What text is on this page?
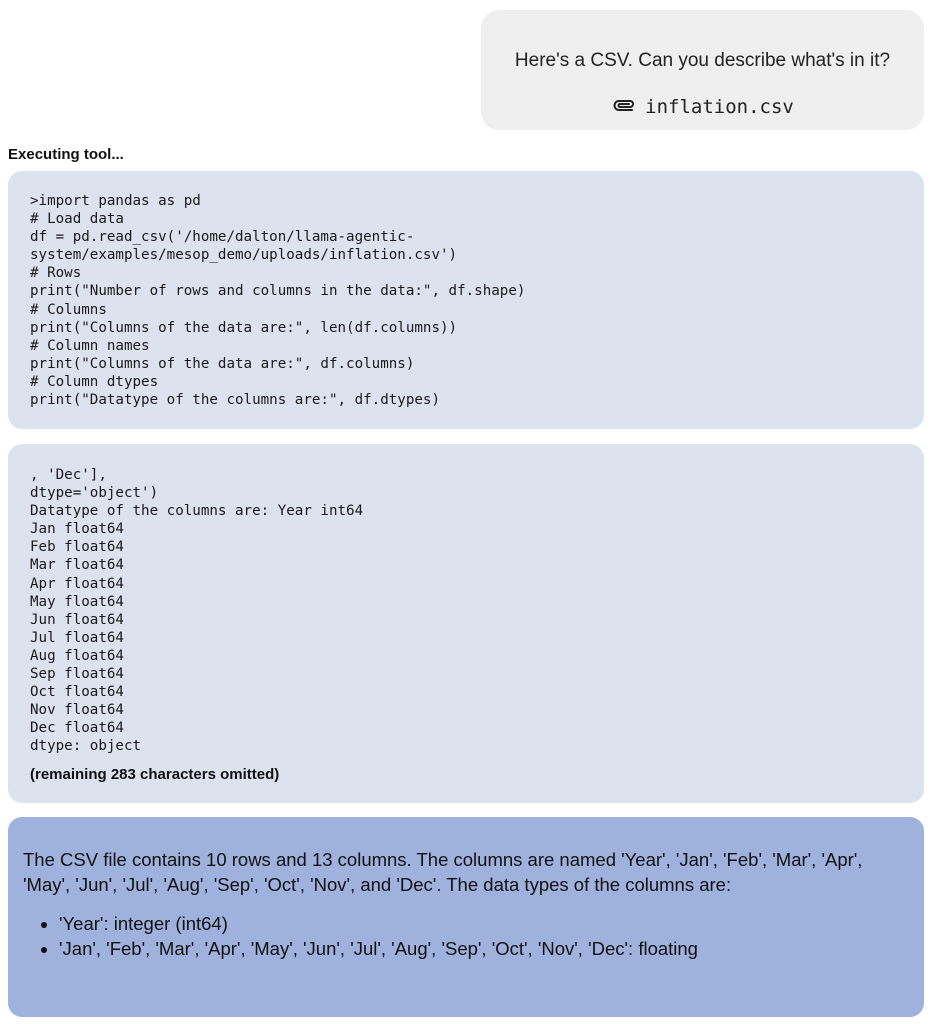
Here's a CSV. Can you describe what's in it?
inflation.csv
Executing tool...
>import pandas as pd
# Load data
df = pd.read_csv('/home/dalton/llama-agentic-
system/examples/mesop_demo/uploads/inflation.csv')
# Rows
print("Number of rows and columns in the data:", df.shape)
# Columns
print("Columns of the data are:", len(df.columns))
# Column names
print("Columns of the data are:", df.columns)
# Column dtypes
print("Datatype of the columns are:", df.dtypes)
, 'Dec'],
dtype='object')
Datatype of the columns are: Year int64
Jan float64
Feb float64
Mar float64
Apr float64
May float64
Jun float64
Jul float64
Aug float64
Sep float64
Oct float64
Nov float64
Dec float64
dtype: object
(remaining 283 characters omitted)

The CSV file contains 10 rows and 13 columns. The columns are named 'Year', 'Jan', 'Feb', 'Mar', 'Apr', 'May', 'Jun', 'Jul', 'Aug', 'Sep', 'Oct', 'Nov', and 'Dec'. The data types of the columns are:

• 'Year': integer (int64)
• 'Jan', 'Feb', 'Mar', 'Apr', 'May', 'Jun', 'Jul', 'Aug', 'Sep', 'Oct', 'Nov', 'Dec': floating
